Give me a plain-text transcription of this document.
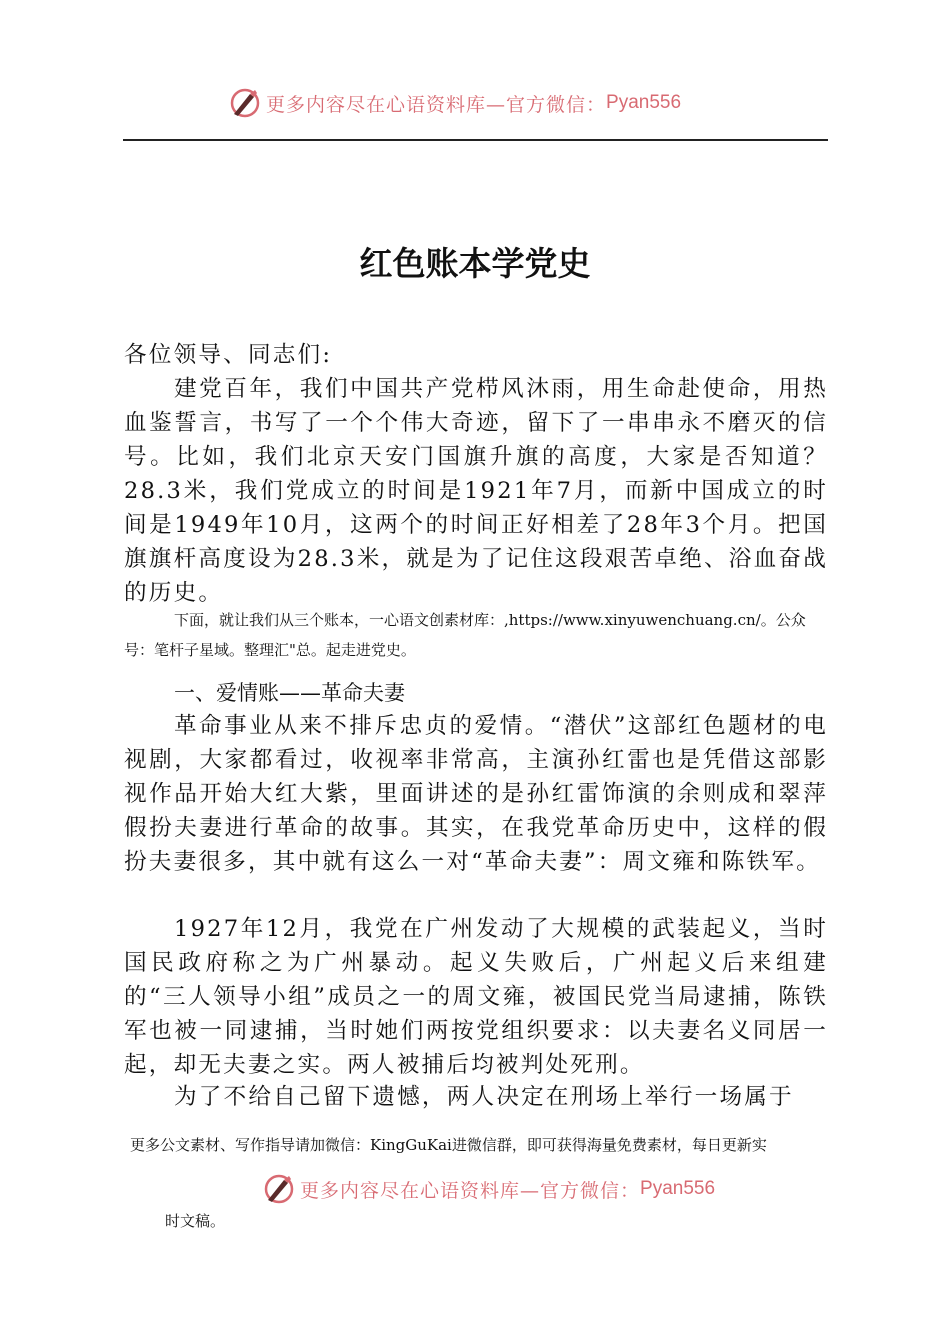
更多内容尽在心语资料库—官方微信： Pyan556
红色账本学党史

各位领导、同志们:

建党百年，我们中国共产党栉风沐雨，用生命赴使命，用热血鉴誓言，书写了一个个伟大奇迹，留下了一串串永不磨灭的信号。比如，我们北京天安门国旗升旗的高度，大家是否知道？28.3米，我们党成立的时间是1921年7月，而新中国成立的时间是1949年10月，这两个的时间正好相差了28年3个月。把国旗旗杆高度设为28.3米，就是为了记住这段艰苦卓绝、浴血奋战的历史。

下面，就让我们从三个账本，一心语文创素材库：,https://www.xinyuwenchuang.cn/。公众号：笔杆子星域。整理汇"总。起走进党史。

一、爱情账——革命夫妻

革命事业从来不排斥忠贞的爱情。“潜伏”这部红色题材的电视剧，大家都看过，收视率非常高，主演孙红雷也是凭借这部影视作品开始大红大紫，里面讲述的是孙红雷饰演的余则成和翠萍假扮夫妻进行革命的故事。其实，在我党革命历史中，这样的假扮夫妻很多，其中就有这么一对“革命夫妻”：周文雍和陈铁军。

1927年12月，我党在广州发动了大规模的武装起义，当时国民政府称之为广州暴动。起义失败后，广州起义后来组建的“三人领导小组”成员之一的周文雍，被国民党当局逮捕，陈铁军也被一同逮捕，当时她们两按党组织要求：以夫妻名义同居一起，却无夫妻之实。两人被捕后均被判处死刑。

为了不给自己留下遗憾，两人决定在刑场上举行一场属于

更多公文素材、写作指导请加微信：KingGuKai进微信群，即可获得海量免费素材，每日更新实
更多内容尽在心语资料库—官方微信： Pyan556
时文稿。
